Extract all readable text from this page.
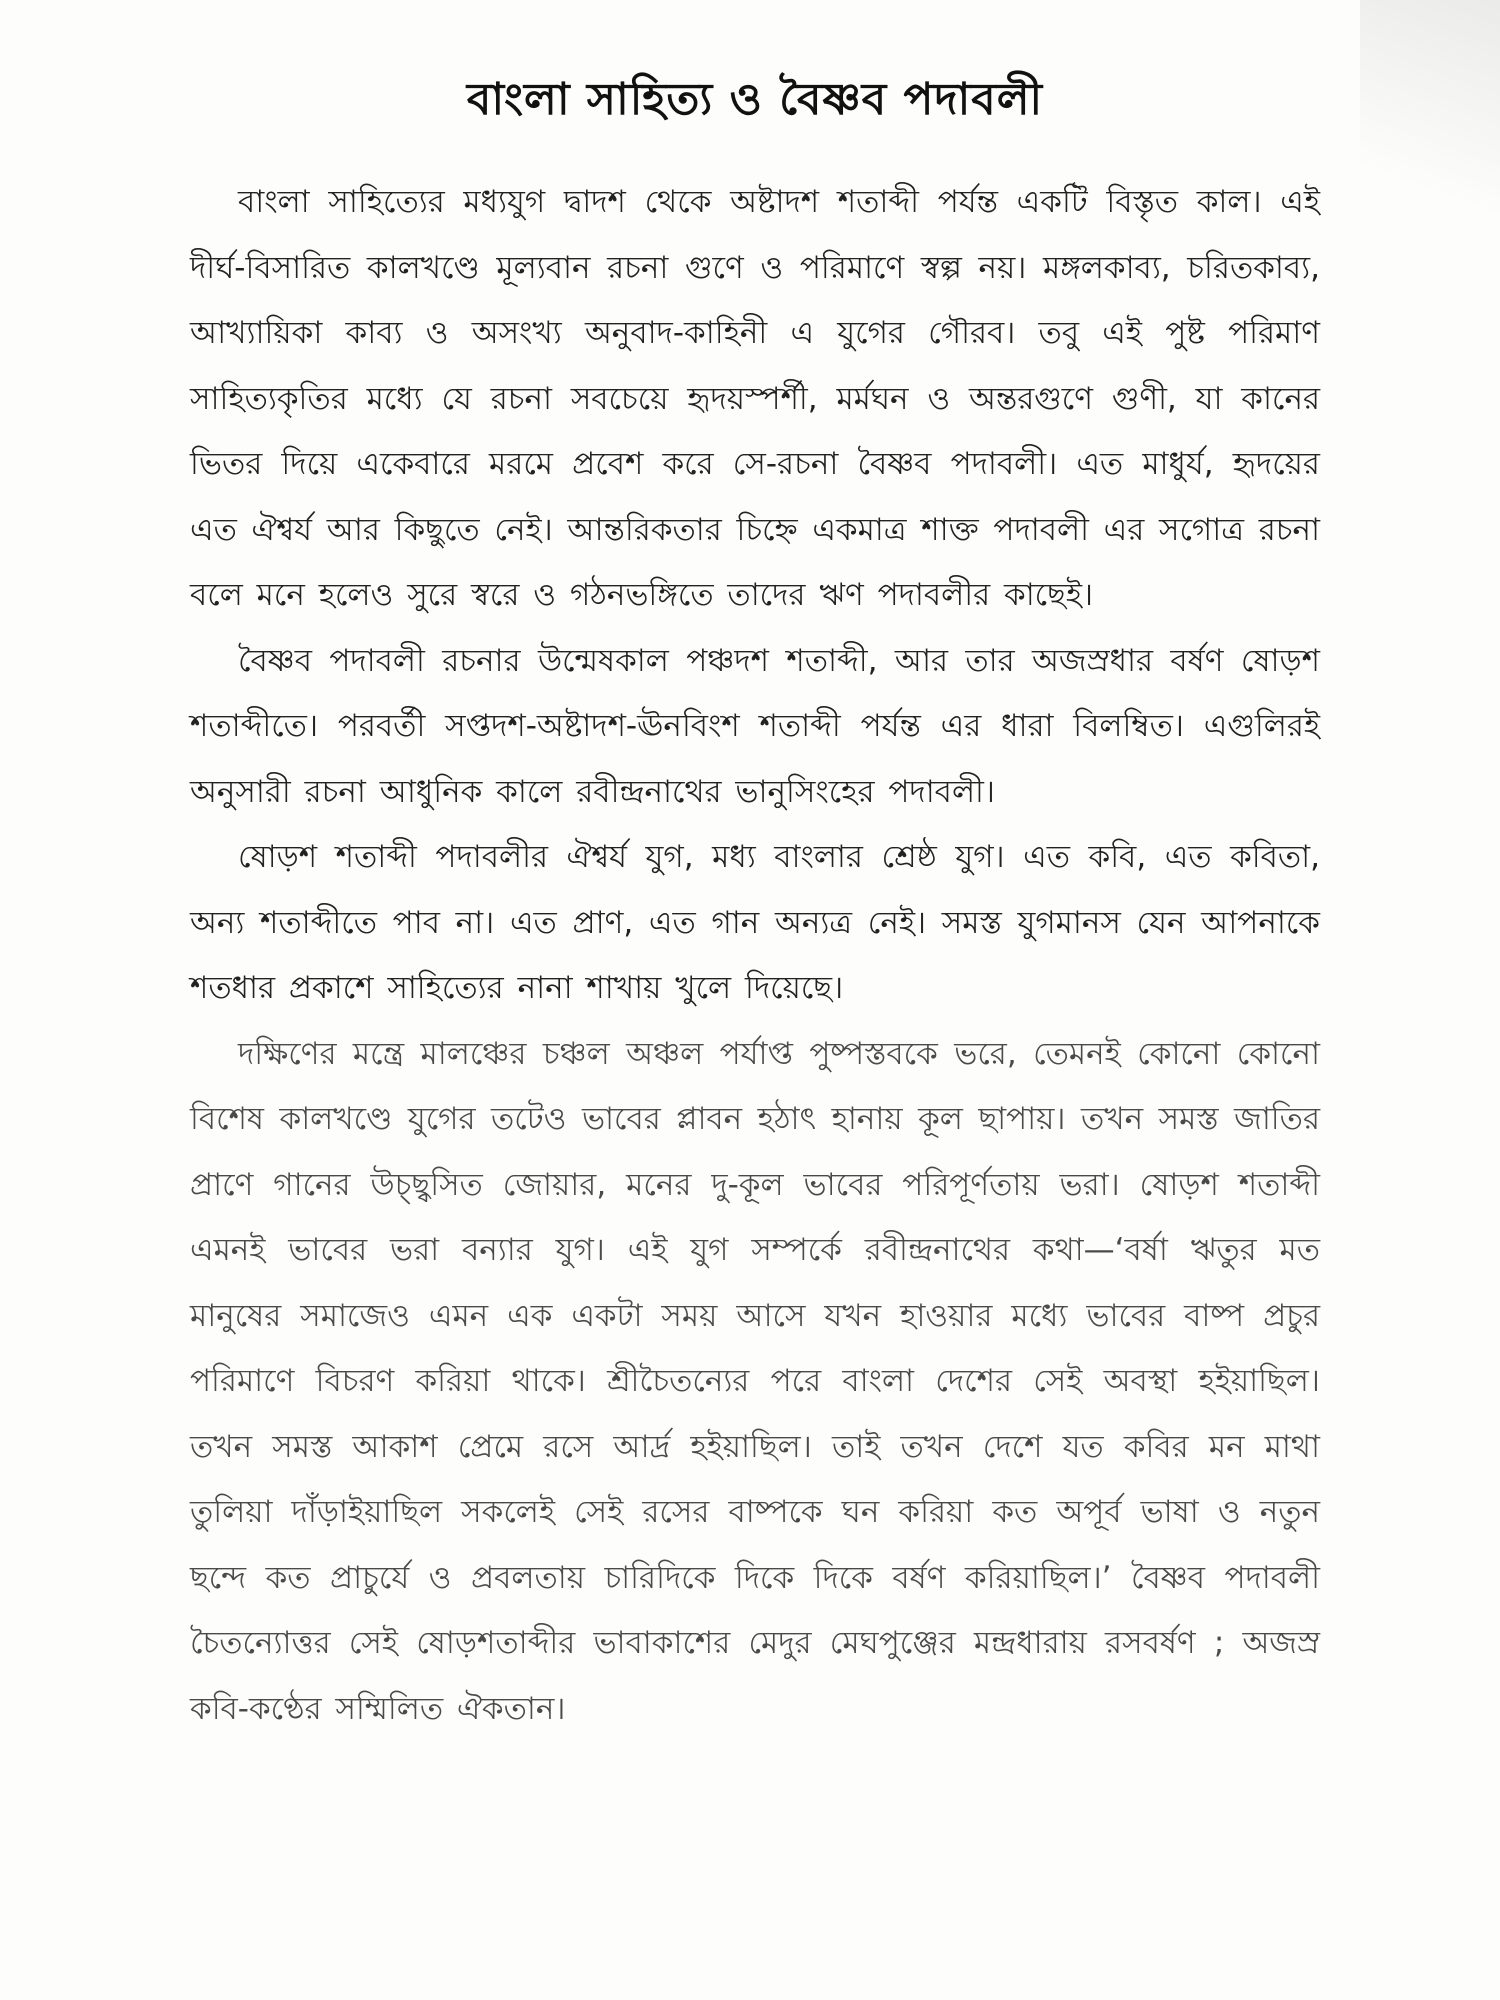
বাংলা সাহিত্য ও বৈষ্ণব পদাবলী

বাংলা সাহিত্যের মধ্যযুগ দ্বাদশ থেকে অষ্টাদশ শতাব্দী পর্যন্ত একটি বিস্তৃত কাল। এই দীর্ঘ-বিসারিত কালখণ্ডে মূল্যবান রচনা গুণে ও পরিমাণে স্বল্প নয়। মঙ্গলকাব্য, চরিতকাব্য, আখ্যায়িকা কাব্য ও অসংখ্য অনুবাদ-কাহিনী এ যুগের গৌরব। তবু এই পুষ্ট পরিমাণ সাহিত্যকৃতির মধ্যে যে রচনা সবচেয়ে হৃদয়স্পর্শী, মর্মঘন ও অন্তরগুণে গুণী, যা কানের ভিতর দিয়ে একেবারে মরমে প্রবেশ করে সে-রচনা বৈষ্ণব পদাবলী। এত মাধুর্য, হৃদয়ের এত ঐশ্বর্য আর কিছুতে নেই। আন্তরিকতার চিহ্নে একমাত্র শাক্ত পদাবলী এর সগোত্র রচনা বলে মনে হলেও সুরে স্বরে ও গঠনভঙ্গিতে তাদের ঋণ পদাবলীর কাছেই।

বৈষ্ণব পদাবলী রচনার উন্মেষকাল পঞ্চদশ শতাব্দী, আর তার অজস্রধার বর্ষণ ষোড়শ শতাব্দীতে। পরবর্তী সপ্তদশ-অষ্টাদশ-ঊনবিংশ শতাব্দী পর্যন্ত এর ধারা বিলম্বিত। এগুলিরই অনুসারী রচনা আধুনিক কালে রবীন্দ্রনাথের ভানুসিংহের পদাবলী।

ষোড়শ শতাব্দী পদাবলীর ঐশ্বর্য যুগ, মধ্য বাংলার শ্রেষ্ঠ যুগ। এত কবি, এত কবিতা, অন্য শতাব্দীতে পাব না। এত প্রাণ, এত গান অন্যত্র নেই। সমস্ত যুগমানস যেন আপনাকে শতধার প্রকাশে সাহিত্যের নানা শাখায় খুলে দিয়েছে।

দক্ষিণের মন্ত্রে মালঞ্চের চঞ্চল অঞ্চল পর্যাপ্ত পুষ্পস্তবকে ভরে, তেমনই কোনো কোনো বিশেষ কালখণ্ডে যুগের তটেও ভাবের প্লাবন হঠাৎ হানায় কূল ছাপায়। তখন সমস্ত জাতির প্রাণে গানের উচ্ছ্বসিত জোয়ার, মনের দু-কূল ভাবের পরিপূর্ণতায় ভরা। ষোড়শ শতাব্দী এমনই ভাবের ভরা বন্যার যুগ। এই যুগ সম্পর্কে রবীন্দ্রনাথের কথা—‘বর্ষা ঋতুর মত মানুষের সমাজেও এমন এক একটা সময় আসে যখন হাওয়ার মধ্যে ভাবের বাষ্প প্রচুর পরিমাণে বিচরণ করিয়া থাকে। শ্রীচৈতন্যের পরে বাংলা দেশের সেই অবস্থা হইয়াছিল। তখন সমস্ত আকাশ প্রেমে রসে আর্দ্র হইয়াছিল। তাই তখন দেশে যত কবির মন মাথা তুলিয়া দাঁড়াইয়াছিল সকলেই সেই রসের বাষ্পকে ঘন করিয়া কত অপূর্ব ভাষা ও নতুন ছন্দে কত প্রাচুর্যে ও প্রবলতায় চারিদিকে দিকে দিকে বর্ষণ করিয়াছিল।’ বৈষ্ণব পদাবলী চৈতন্যোত্তর সেই ষোড়শতাব্দীর ভাবাকাশের মেদুর মেঘপুঞ্জের মন্দ্রধারায় রসবর্ষণ ; অজস্র কবি-কণ্ঠের সম্মিলিত ঐকতান।
